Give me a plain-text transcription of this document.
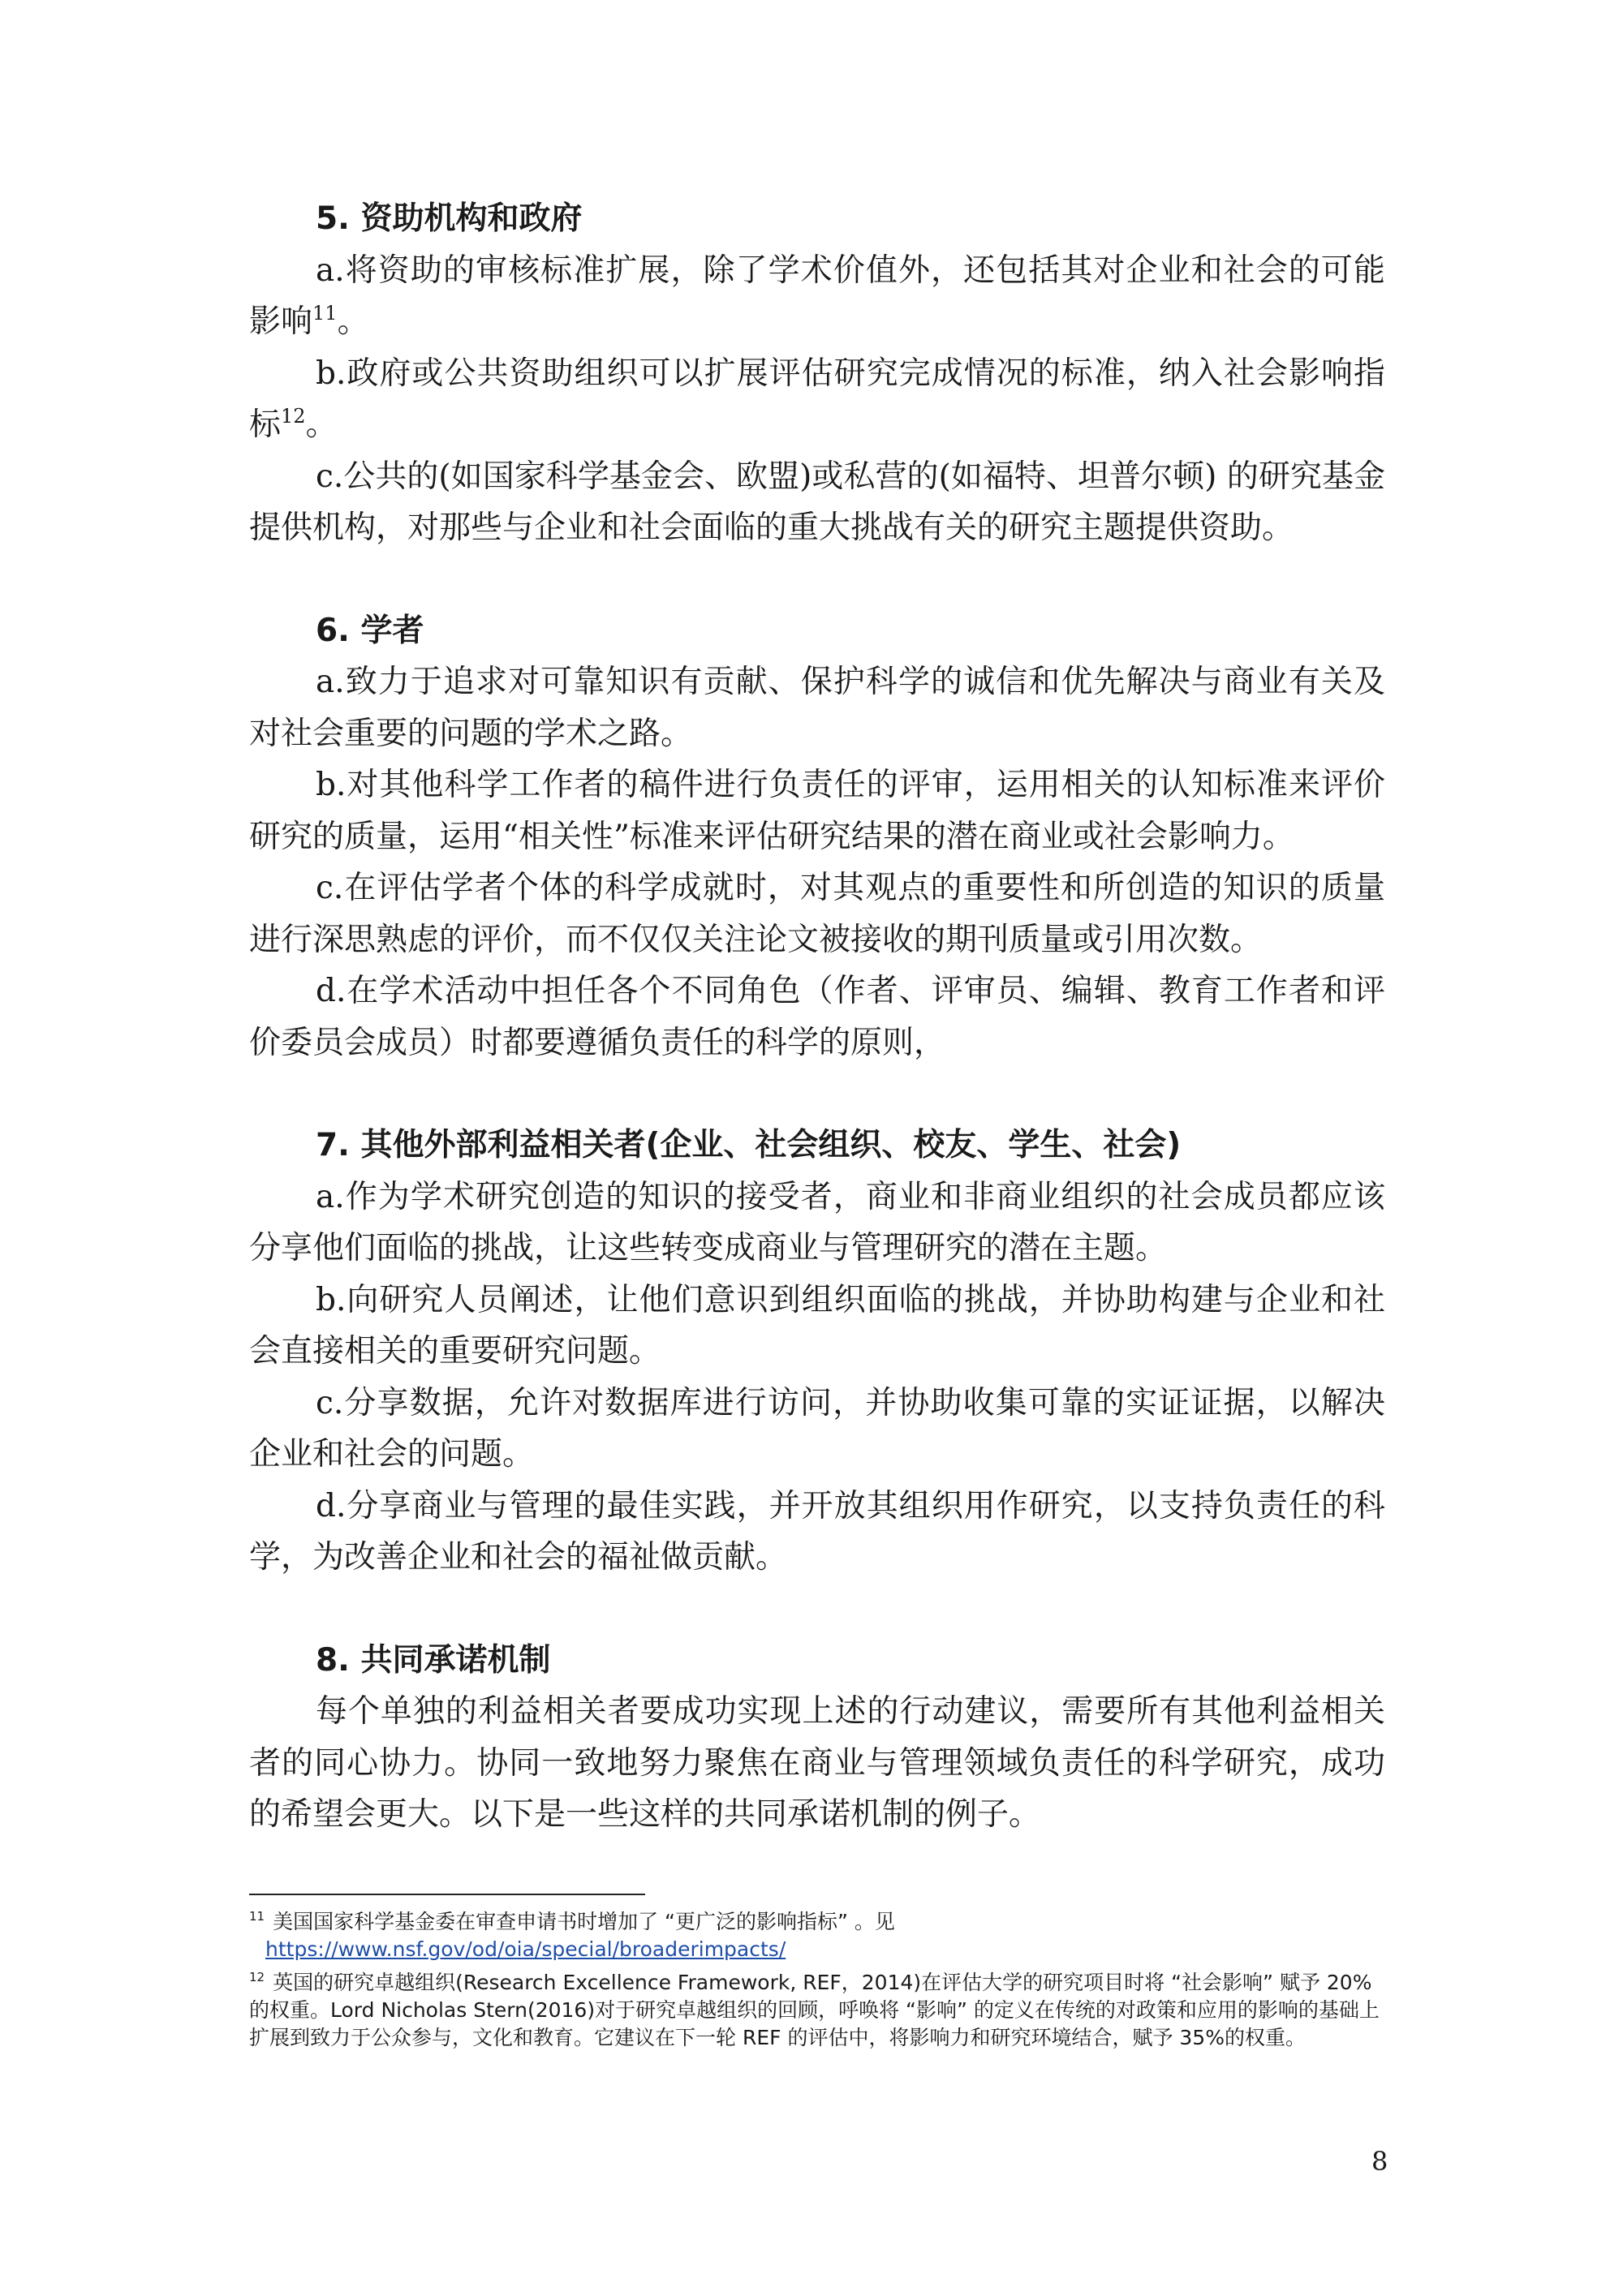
5. 资助机构和政府

a.将资助的审核标准扩展，除了学术价值外，还包括其对企业和社会的可能影响$^{11}$。

b.政府或公共资助组织可以扩展评估研究完成情况的标准，纳入社会影响指标$^{12}$。

c.公共的(如国家科学基金会、欧盟)或私营的(如福特、坦普尔顿) 的研究基金提供机构，对那些与企业和社会面临的重大挑战有关的研究主题提供资助。

6. 学者

a.致力于追求对可靠知识有贡献、保护科学的诚信和优先解决与商业有关及对社会重要的问题的学术之路。

b.对其他科学工作者的稿件进行负责任的评审，运用相关的认知标准来评价研究的质量，运用“相关性”标准来评估研究结果的潜在商业或社会影响力。

c.在评估学者个体的科学成就时，对其观点的重要性和所创造的知识的质量进行深思熟虑的评价，而不仅仅关注论文被接收的期刊质量或引用次数。

d.在学术活动中担任各个不同角色（作者、评审员、编辑、教育工作者和评价委员会成员）时都要遵循负责任的科学的原则，

7. 其他外部利益相关者(企业、社会组织、校友、学生、社会)

a.作为学术研究创造的知识的接受者，商业和非商业组织的社会成员都应该分享他们面临的挑战，让这些转变成商业与管理研究的潜在主题。

b.向研究人员阐述，让他们意识到组织面临的挑战，并协助构建与企业和社会直接相关的重要研究问题。

c.分享数据，允许对数据库进行访问，并协助收集可靠的实证证据，以解决企业和社会的问题。

d.分享商业与管理的最佳实践，并开放其组织用作研究，以支持负责任的科学，为改善企业和社会的福祉做贡献。

8. 共同承诺机制

每个单独的利益相关者要成功实现上述的行动建议，需要所有其他利益相关者的同心协力。协同一致地努力聚焦在商业与管理领域负责任的科学研究，成功的希望会更大。以下是一些这样的共同承诺机制的例子。

$^{11}$ 美国国家科学基金委在审查申请书时增加了 “更广泛的影响指标” 。见
https://www.nsf.gov/od/oia/special/broaderimpacts/

$^{12}$ 英国的研究卓越组织(Research Excellence Framework, REF，2014)在评估大学的研究项目时将 “社会影响” 赋予 20% 的权重。Lord Nicholas Stern(2016)对于研究卓越组织的回顾，呼唤将 “影响” 的定义在传统的对政策和应用的影响的基础上扩展到致力于公众参与，文化和教育。它建议在下一轮 REF 的评估中，将影响力和研究环境结合，赋予 35%的权重。

8
